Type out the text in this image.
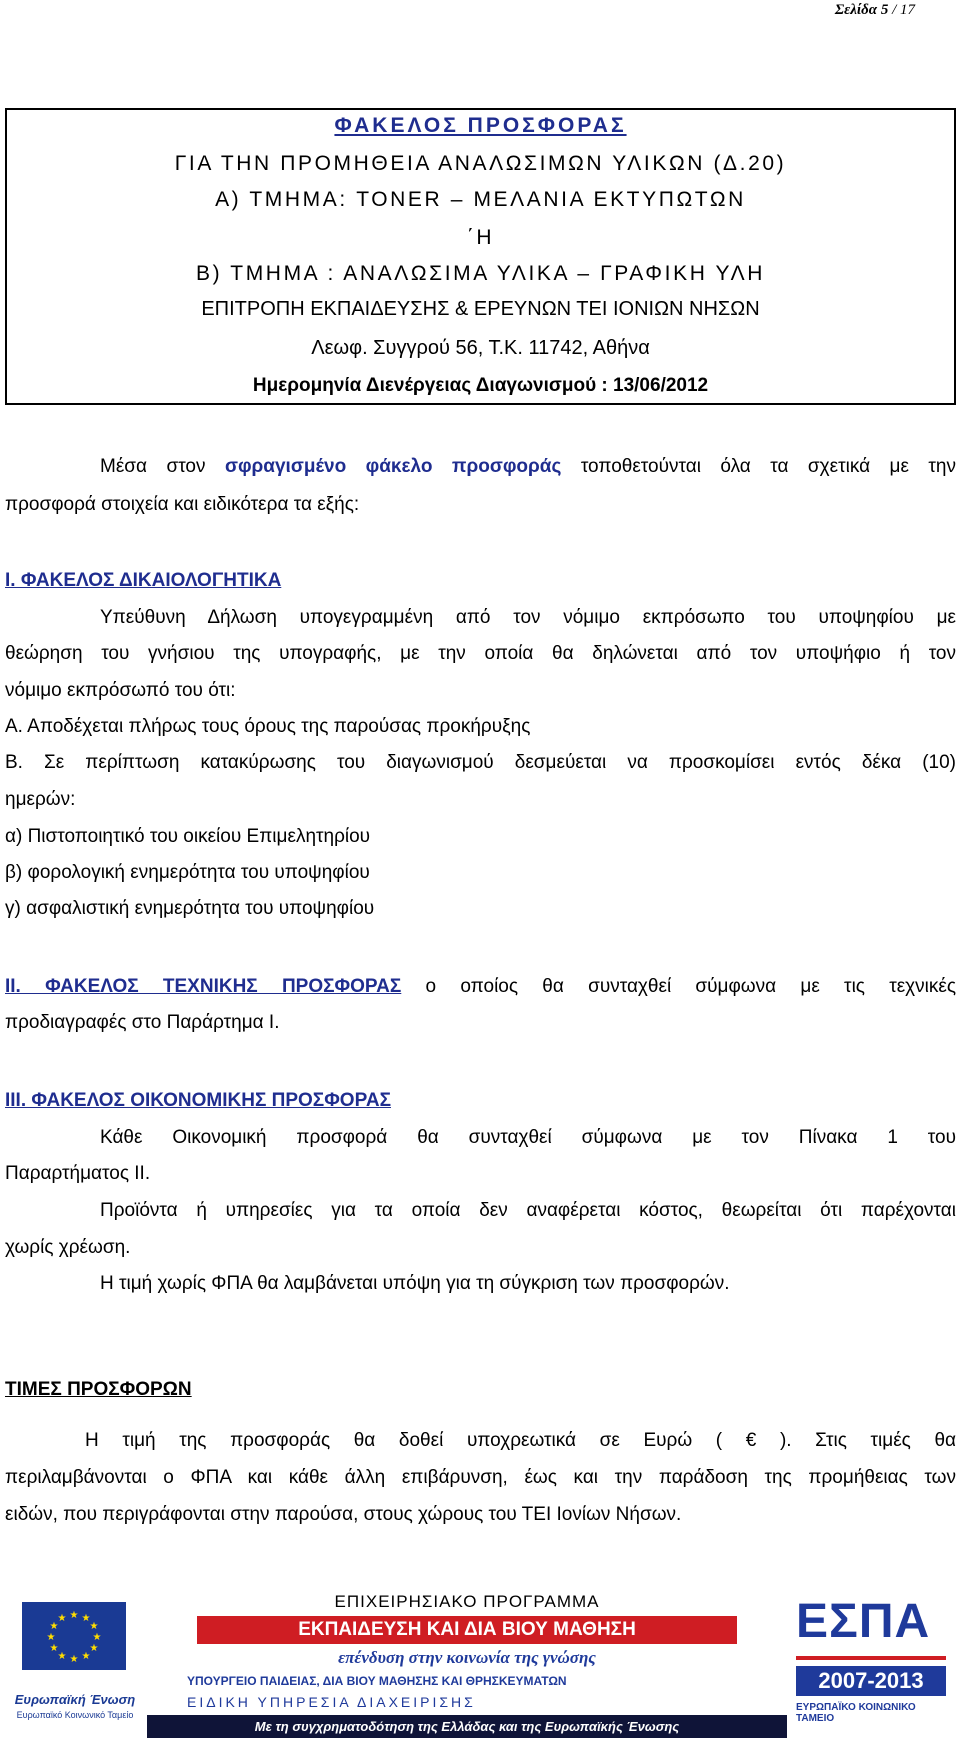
Σελίδα 5 / 17
ΦΑΚΕΛΟΣ ΠΡΟΣΦΟΡΑΣ
ΓΙΑ ΤΗΝ ΠΡΟΜΗΘΕΙΑ ΑΝΑΛΩΣΙΜΩΝ ΥΛΙΚΩΝ (Δ.20)
Α) ΤΜΗΜΑ: TONER – ΜΕΛΑΝΙΑ ΕΚΤΥΠΩΤΩΝ
΄Η
Β) ΤΜΗΜΑ : ΑΝΑΛΩΣΙΜΑ ΥΛΙΚΑ – ΓΡΑΦΙΚΗ ΥΛΗ
ΕΠΙΤΡΟΠΗ ΕΚΠΑΙΔΕΥΣΗΣ & ΕΡΕΥΝΩΝ ΤΕΙ ΙΟΝΙΩΝ ΝΗΣΩΝ
Λεωφ. Συγγρού 56, Τ.Κ. 11742, Αθήνα
Ημερομηνία Διενέργειας Διαγωνισμού : 13/06/2012
Μέσα στον σφραγισμένο φάκελο προσφοράς τοποθετούνται όλα τα σχετικά με την
προσφορά στοιχεία και ειδικότερα τα εξής:
Ι. ΦΑΚΕΛΟΣ ΔΙΚΑΙΟΛΟΓΗΤΙΚΑ
Υπεύθυνη Δήλωση υπογεγραμμένη από τον νόμιμο εκπρόσωπο του υποψηφίου με
θεώρηση του γνήσιου της υπογραφής, με την οποία θα δηλώνεται από τον υποψήφιο ή τον
νόμιμο εκπρόσωπό του ότι:
Α. Αποδέχεται πλήρως τους όρους της παρούσας προκήρυξης
Β. Σε περίπτωση κατακύρωσης του διαγωνισμού δεσμεύεται να προσκομίσει εντός δέκα (10)
ημερών:
α) Πιστοποιητικό του οικείου Επιμελητηρίου
β) φορολογική ενημερότητα του υποψηφίου
γ) ασφαλιστική ενημερότητα του υποψηφίου
ΙΙ. ΦΑΚΕΛΟΣ ΤΕΧΝΙΚΗΣ ΠΡΟΣΦΟΡΑΣ ο οποίος θα συνταχθεί σύμφωνα με τις τεχνικές
προδιαγραφές στο Παράρτημα Ι.
ΙΙΙ. ΦΑΚΕΛΟΣ ΟΙΚΟΝΟΜΙΚΗΣ ΠΡΟΣΦΟΡΑΣ
Κάθε Οικονομική προσφορά θα συνταχθεί σύμφωνα με τον Πίνακα 1 του
Παραρτήματος ΙΙ.
Προϊόντα ή υπηρεσίες για τα οποία δεν αναφέρεται κόστος, θεωρείται ότι παρέχονται
χωρίς χρέωση.
Η τιμή χωρίς ΦΠΑ θα λαμβάνεται υπόψη για τη σύγκριση των προσφορών.
ΤΙΜΕΣ ΠΡΟΣΦΟΡΩΝ
Η τιμή της προσφοράς θα δοθεί υποχρεωτικά σε Ευρώ ( € ). Στις τιμές θα
περιλαμβάνονται ο ΦΠΑ και κάθε άλλη επιβάρυνση, έως και την παράδοση της προμήθειας των
ειδών, που περιγράφονται στην παρούσα, στους χώρους του ΤΕΙ Ιονίων Νήσων.
★ ★
★
★
★
★
★
★
★
★
★
★
Ευρωπαϊκή Ένωση
Ευρωπαϊκό Κοινωνικό Ταμείο
ΕΠΙΧΕΙΡΗΣΙΑΚΟ ΠΡΟΓΡΑΜΜΑ
ΕΚΠΑΙΔΕΥΣΗ ΚΑΙ ΔΙΑ ΒΙΟΥ ΜΑΘΗΣΗ
επένδυση στην κοινωνία της γνώσης
ΥΠΟΥΡΓΕΙΟ ΠΑΙΔΕΙΑΣ, ΔΙΑ ΒΙΟΥ ΜΑΘΗΣΗΣ ΚΑΙ ΘΡΗΣΚΕΥΜΑΤΩΝ
ΕΙΔΙΚΗ ΥΠΗΡΕΣΙΑ ΔΙΑΧΕΙΡΙΣΗΣ
Με τη συγχρηματοδότηση της Ελλάδας και της Ευρωπαϊκής Ένωσης
ΕΣΠΑ
2007-2013
ΕΥΡΩΠΑΪΚΟ ΚΟΙΝΩΝΙΚΟ ΤΑΜΕΙΟ
